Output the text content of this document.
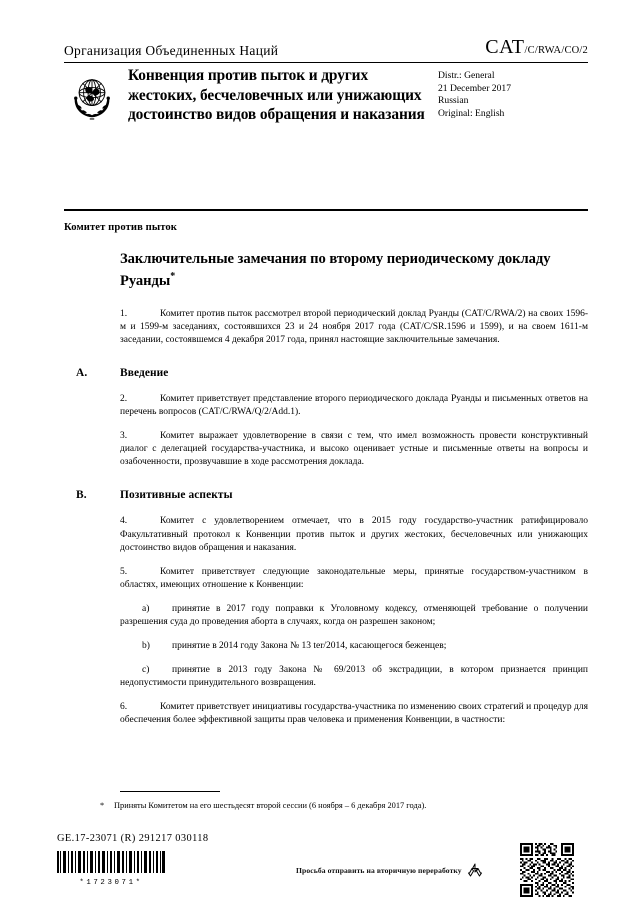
Организация Объединенных Наций	CAT/C/RWA/CO/2
Конвенция против пыток и других жестоких, бесчеловечных или унижающих достоинство видов обращения и наказания
Distr.: General
21 December 2017
Russian
Original: English
Комитет против пыток
Заключительные замечания по второму периодическому докладу Руанды*

1.	Комитет против пыток рассмотрел второй периодический доклад Руанды (CAT/C/RWA/2) на своих 1596-м и 1599-м заседаниях, состоявшихся 23 и 24 ноября 2017 года (CAT/C/SR.1596 и 1599), и на своем 1611-м заседании, состоявшемся 4 декабря 2017 года, принял настоящие заключительные замечания.

A.	Введение

2.	Комитет приветствует представление второго периодического доклада Руанды и письменных ответов на перечень вопросов (CAT/C/RWA/Q/2/Add.1).

3.	Комитет выражает удовлетворение в связи с тем, что имел возможность провести конструктивный диалог с делегацией государства-участника, и высоко оценивает устные и письменные ответы на вопросы и озабоченности, прозвучавшие в ходе рассмотрения доклада.

B.	Позитивные аспекты

4.	Комитет с удовлетворением отмечает, что в 2015 году государство-участник ратифицировало Факультативный протокол к Конвенции против пыток и других жестоких, бесчеловечных или унижающих достоинство видов обращения и наказания.

5.	Комитет приветствует следующие законодательные меры, принятые государством-участником в областях, имеющих отношение к Конвенции:

a) принятие в 2017 году поправки к Уголовному кодексу, отменяющей требование о получении разрешения суда до проведения аборта в случаях, когда он разрешен законом;

b) принятие в 2014 году Закона № 13 ter/2014, касающегося беженцев;

c) принятие в 2013 году Закона № 69/2013 об экстрадиции, в котором признается принцип недопустимости принудительного возвращения.

6.	Комитет приветствует инициативы государства-участника по изменению своих стратегий и процедур для обеспечения более эффективной защиты прав человека и применения Конвенции, в частности:

* Приняты Комитетом на его шестьдесят второй сессии (6 ноября – 6 декабря 2017 года).
GE.17-23071 (R) 291217 030118
*1723071*
Просьба отправить на вторичную переработку
